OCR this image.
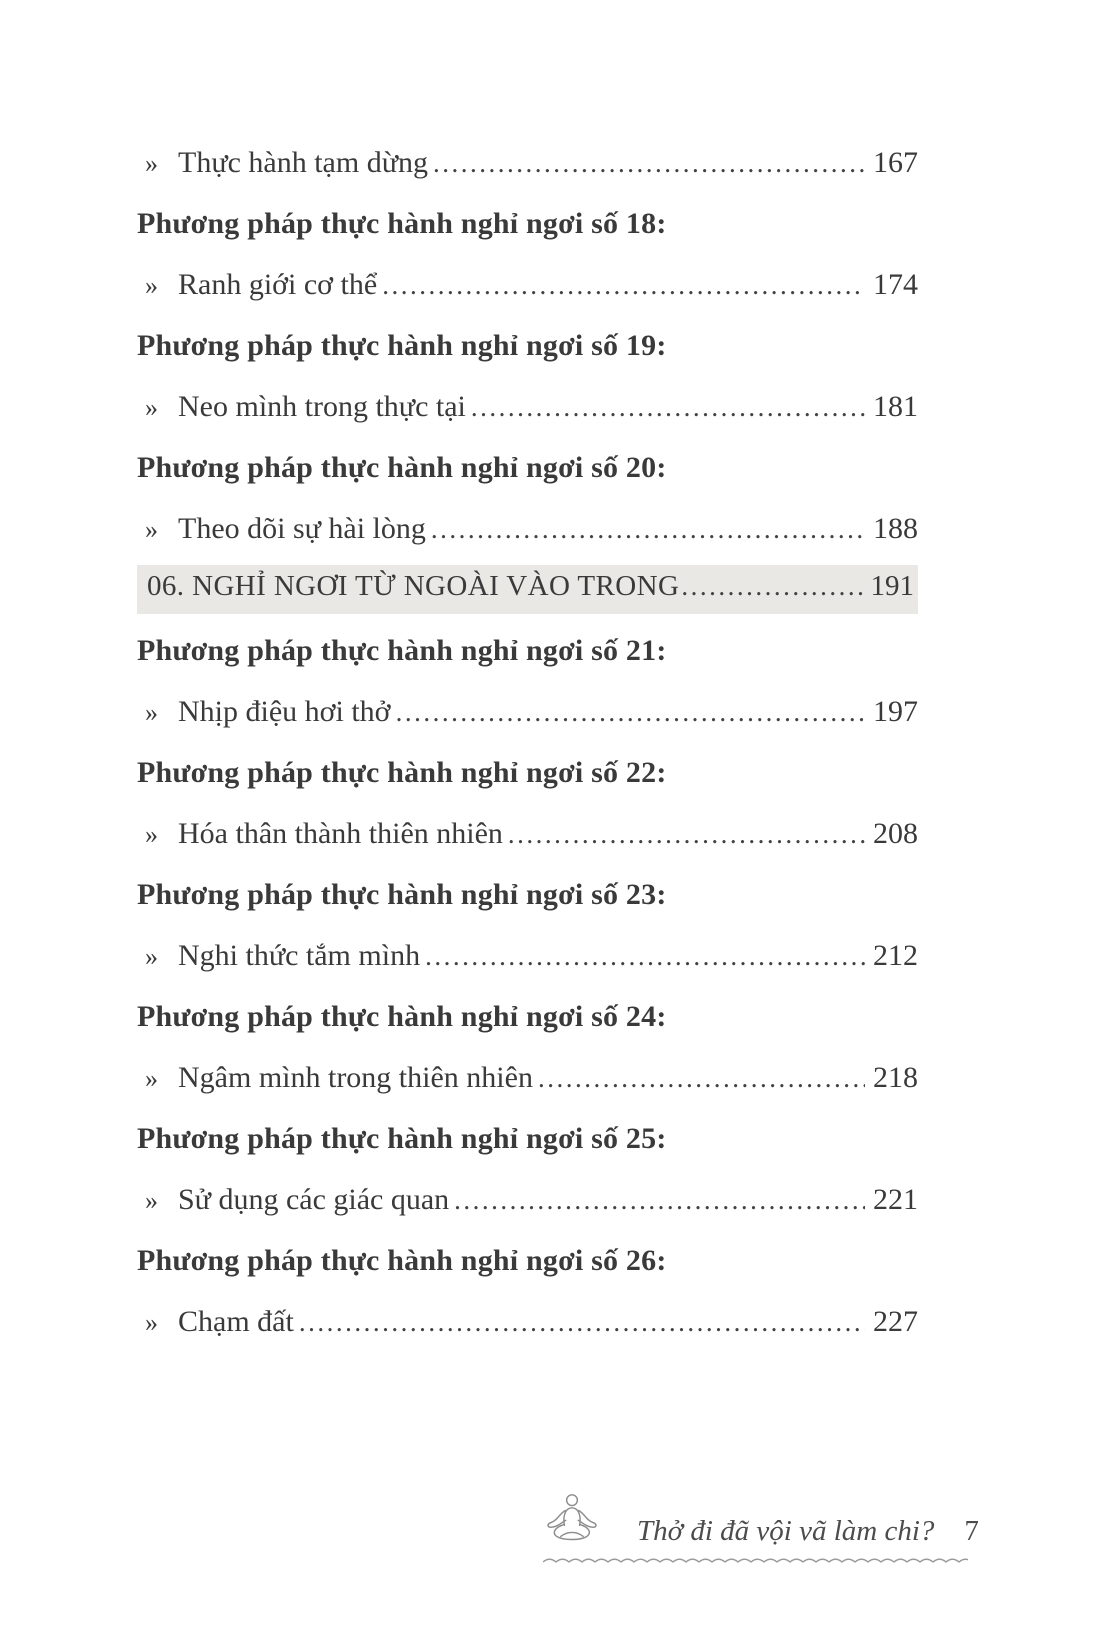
» Thực hành tạm dừng .....	167
Phương pháp thực hành nghỉ ngơi số 18:
» Ranh giới cơ thể .....	174
Phương pháp thực hành nghỉ ngơi số 19:
» Neo mình trong thực tại .....	181
Phương pháp thực hành nghỉ ngơi số 20:
» Theo dõi sự hài lòng .....	188
06. NGHỈ NGƠI TỪ NGOÀI VÀO TRONG .....	191
Phương pháp thực hành nghỉ ngơi số 21:
» Nhịp điệu hơi thở .....	197
Phương pháp thực hành nghỉ ngơi số 22:
» Hóa thân thành thiên nhiên .....	208
Phương pháp thực hành nghỉ ngơi số 23:
» Nghi thức tắm mình .....	212
Phương pháp thực hành nghỉ ngơi số 24:
» Ngâm mình trong thiên nhiên .....	218
Phương pháp thực hành nghỉ ngơi số 25:
» Sử dụng các giác quan .....	221
Phương pháp thực hành nghỉ ngơi số 26:
» Chạm đất .....	227
Thở đi đã vội vã làm chi? 7
